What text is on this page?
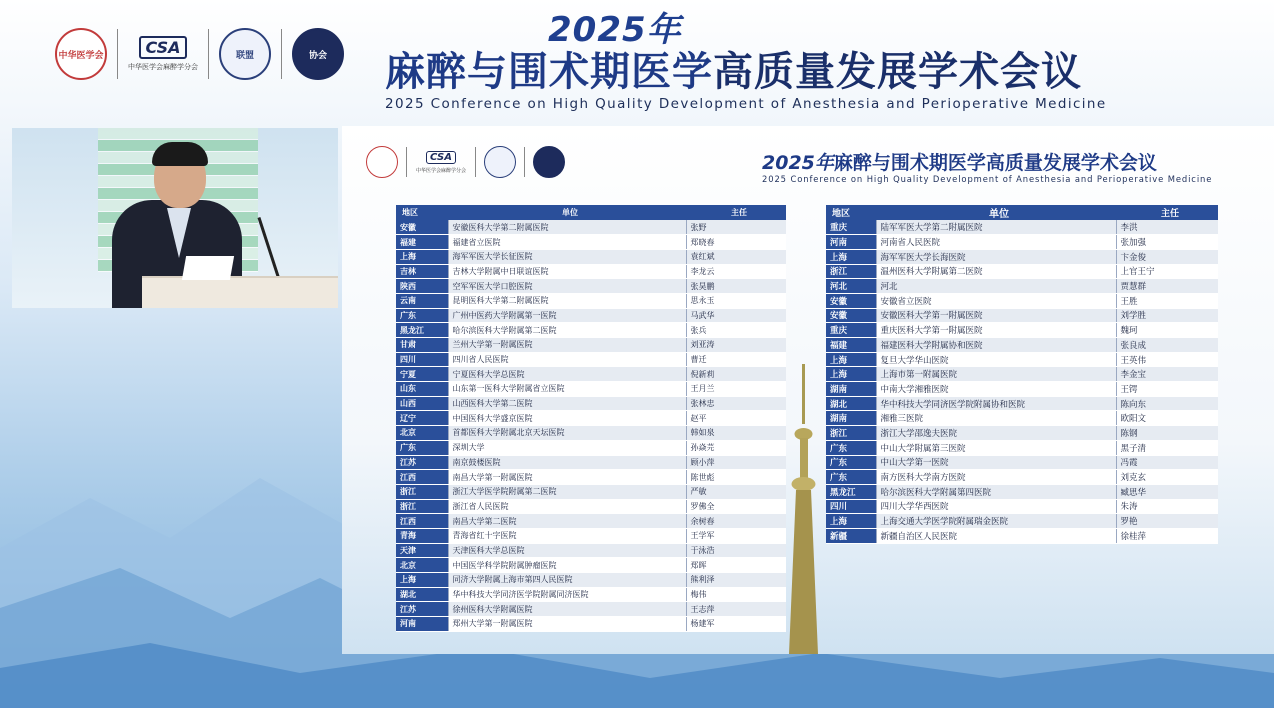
中华医学会	CSA
中华医学会麻醉学分会
联盟	协会
2025年
麻醉与围术期医学高质量发展学术会议
2025 Conference on High Quality Development of Anesthesia and Perioperative Medicine
CSA
中华医学会麻醉学分会	2025年麻醉与围术期医学高质量发展学术会议
2025 Conference on High Quality Development of Anesthesia and Perioperative Medicine
地区	单位	主任
安徽	安徽医科大学第二附属医院	张野
福建	福建省立医院	郑晓春
上海	海军军医大学长征医院	袁红斌
吉林	吉林大学附属中日联谊医院	李龙云
陕西	空军军医大学口腔医院	张昊鹏
云南	昆明医科大学第二附属医院	思永玉
广东	广州中医药大学附属第一医院	马武华
黑龙江	哈尔滨医科大学附属第二医院	张兵
甘肃	兰州大学第一附属医院	刘亚涛
四川	四川省人民医院	曹迁
宁夏	宁夏医科大学总医院	倪新莉
山东	山东第一医科大学附属省立医院	王月兰
山西	山西医科大学第二医院	张林忠
辽宁	中国医科大学盛京医院	赵平
北京	首都医科大学附属北京天坛医院	韩如泉
广东	深圳大学	孙焱芫
江苏	南京鼓楼医院	顾小萍
江西	南昌大学第一附属医院	陈世彪
浙江	浙江大学医学院附属第二医院	严敏
浙江	浙江省人民医院	罗佛全
江西	南昌大学第二医院	余树春
青海	青海省红十字医院	王学军
天津	天津医科大学总医院	于泳浩
北京	中国医学科学院附属肿瘤医院	郑晖
上海	同济大学附属上海市第四人民医院	熊利泽
湖北	华中科技大学同济医学院附属同济医院	梅伟
江苏	徐州医科大学附属医院	王志萍
河南	郑州大学第一附属医院	杨建军
地区	单位	主任
重庆	陆军军医大学第二附属医院	李洪
河南	河南省人民医院	张加强
上海	海军军医大学长海医院	卞金俊
浙江	温州医科大学附属第二医院	上官王宁
河北	河北	贾慧群
安徽	安徽省立医院	王胜
安徽	安徽医科大学第一附属医院	刘学胜
重庆	重庆医科大学第一附属医院	魏珂
福建	福建医科大学附属协和医院	张良成
上海	复旦大学华山医院	王英伟
上海	上海市第一附属医院	李金宝
湖南	中南大学湘雅医院	王锷
湖北	华中科技大学同济医学院附属协和医院	陈向东
湖南	湘雅三医院	欧阳文
浙江	浙江大学邵逸夫医院	陈钢
广东	中山大学附属第三医院	黑子清
广东	中山大学第一医院	冯霞
广东	南方医科大学南方医院	刘克玄
黑龙江	哈尔滨医科大学附属第四医院	臧思华
四川	四川大学华西医院	朱涛
上海	上海交通大学医学院附属瑞金医院	罗艳
新疆	新疆自治区人民医院	徐桂萍
